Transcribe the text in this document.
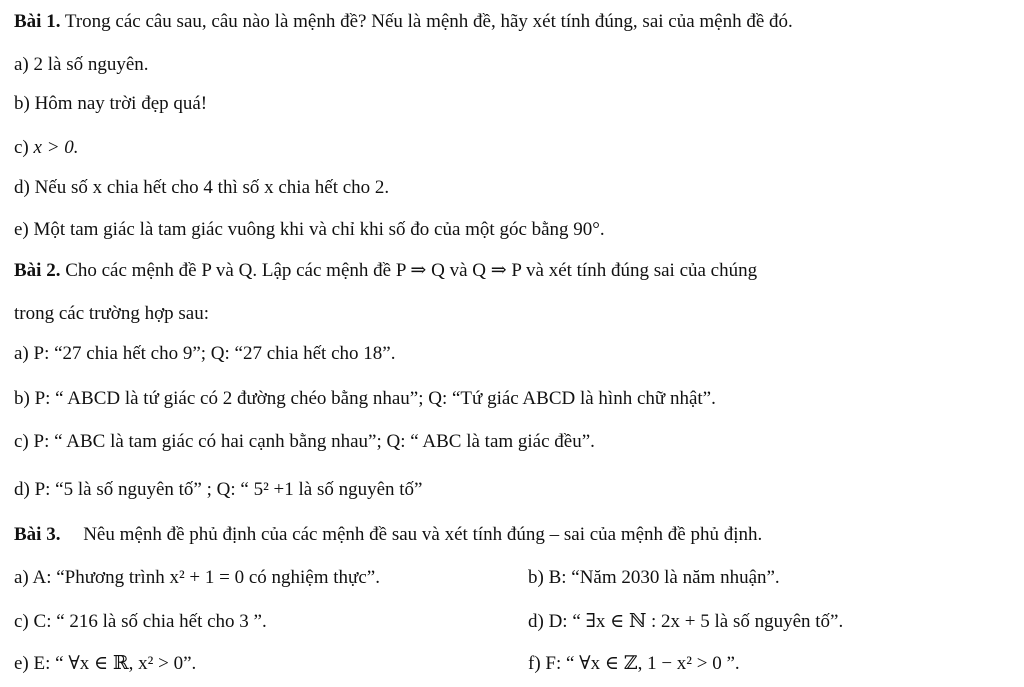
Bài 1. Trong các câu sau, câu nào là mệnh đề? Nếu là mệnh đề, hãy xét tính đúng, sai của mệnh đề đó.
a) 2 là số nguyên.
b) Hôm nay trời đẹp quá!
c) x > 0.
d) Nếu số x chia hết cho 4 thì số x chia hết cho 2.
e) Một tam giác là tam giác vuông khi và chỉ khi số đo của một góc bằng 90°.
Bài 2. Cho các mệnh đề P và Q. Lập các mệnh đề P ⇒ Q và Q ⇒ P và xét tính đúng sai của chúng
trong các trường hợp sau:
a) P: “27 chia hết cho 9”; Q: “27 chia hết cho 18”.
b) P: “ ABCD là tứ giác có 2 đường chéo bằng nhau”; Q: “Tứ giác ABCD là hình chữ nhật”.
c) P: “ ABC là tam giác có hai cạnh bằng nhau”; Q: “ ABC là tam giác đều”.
d) P: “5 là số nguyên tố” ; Q: “ 5² +1 là số nguyên tố”
Bài 3. Nêu mệnh đề phủ định của các mệnh đề sau và xét tính đúng – sai của mệnh đề phủ định.
a) A: “Phương trình x² + 1 = 0 có nghiệm thực”.	b) B: “Năm 2030 là năm nhuận”.
c) C: “ 216 là số chia hết cho 3 ”.	d) D: “ ∃x ∈ ℕ : 2x + 5 là số nguyên tố”.
e) E: “ ∀x ∈ ℝ, x² > 0”.	f) F: “ ∀x ∈ ℤ, 1 − x² > 0 ”.
